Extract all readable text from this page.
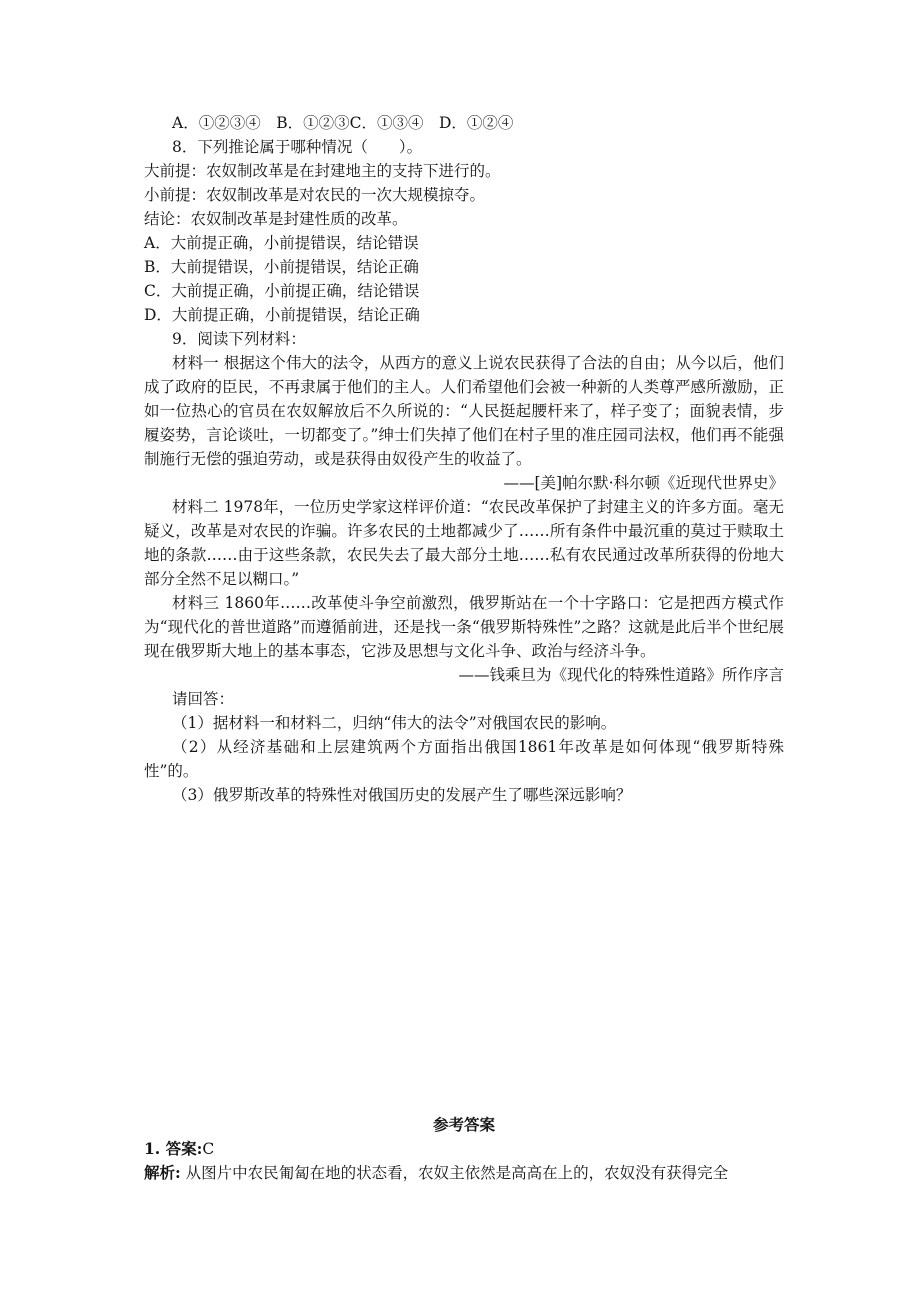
A．①②③④　B．①②③C．①③④　D．①②④
8．下列推论属于哪种情况（　　）。
大前提：农奴制改革是在封建地主的支持下进行的。
小前提：农奴制改革是对农民的一次大规模掠夺。
结论：农奴制改革是封建性质的改革。
A．大前提正确，小前提错误，结论错误
B．大前提错误，小前提错误，结论正确
C．大前提正确，小前提正确，结论错误
D．大前提正确，小前提错误，结论正确
9．阅读下列材料：
材料一 根据这个伟大的法令，从西方的意义上说农民获得了合法的自由；从今以后，他们成了政府的臣民，不再隶属于他们的主人。人们希望他们会被一种新的人类尊严感所激励，正如一位热心的官员在农奴解放后不久所说的：“人民挺起腰杆来了，样子变了；面貌表情，步履姿势，言论谈吐，一切都变了。”绅士们失掉了他们在村子里的准庄园司法权，他们再不能强制施行无偿的强迫劳动，或是获得由奴役产生的收益了。
——[美]帕尔默·科尔顿《近现代世界史》
材料二 1978年，一位历史学家这样评价道：“农民改革保护了封建主义的许多方面。毫无疑义，改革是对农民的诈骗。许多农民的土地都减少了……所有条件中最沉重的莫过于赎取土地的条款……由于这些条款，农民失去了最大部分土地……私有农民通过改革所获得的份地大部分全然不足以糊口。”
材料三 1860年……改革使斗争空前激烈，俄罗斯站在一个十字路口：它是把西方模式作为“现代化的普世道路”而遵循前进，还是找一条“俄罗斯特殊性”之路？这就是此后半个世纪展现在俄罗斯大地上的基本事态，它涉及思想与文化斗争、政治与经济斗争。
——钱乘旦为《现代化的特殊性道路》所作序言
请回答：
（1）据材料一和材料二，归纳“伟大的法令”对俄国农民的影响。
（2）从经济基础和上层建筑两个方面指出俄国1861年改革是如何体现“俄罗斯特殊性”的。
（3）俄罗斯改革的特殊性对俄国历史的发展产生了哪些深远影响？
参考答案
1. 答案:C
解析: 从图片中农民匍匐在地的状态看，农奴主依然是高高在上的，农奴没有获得完全
